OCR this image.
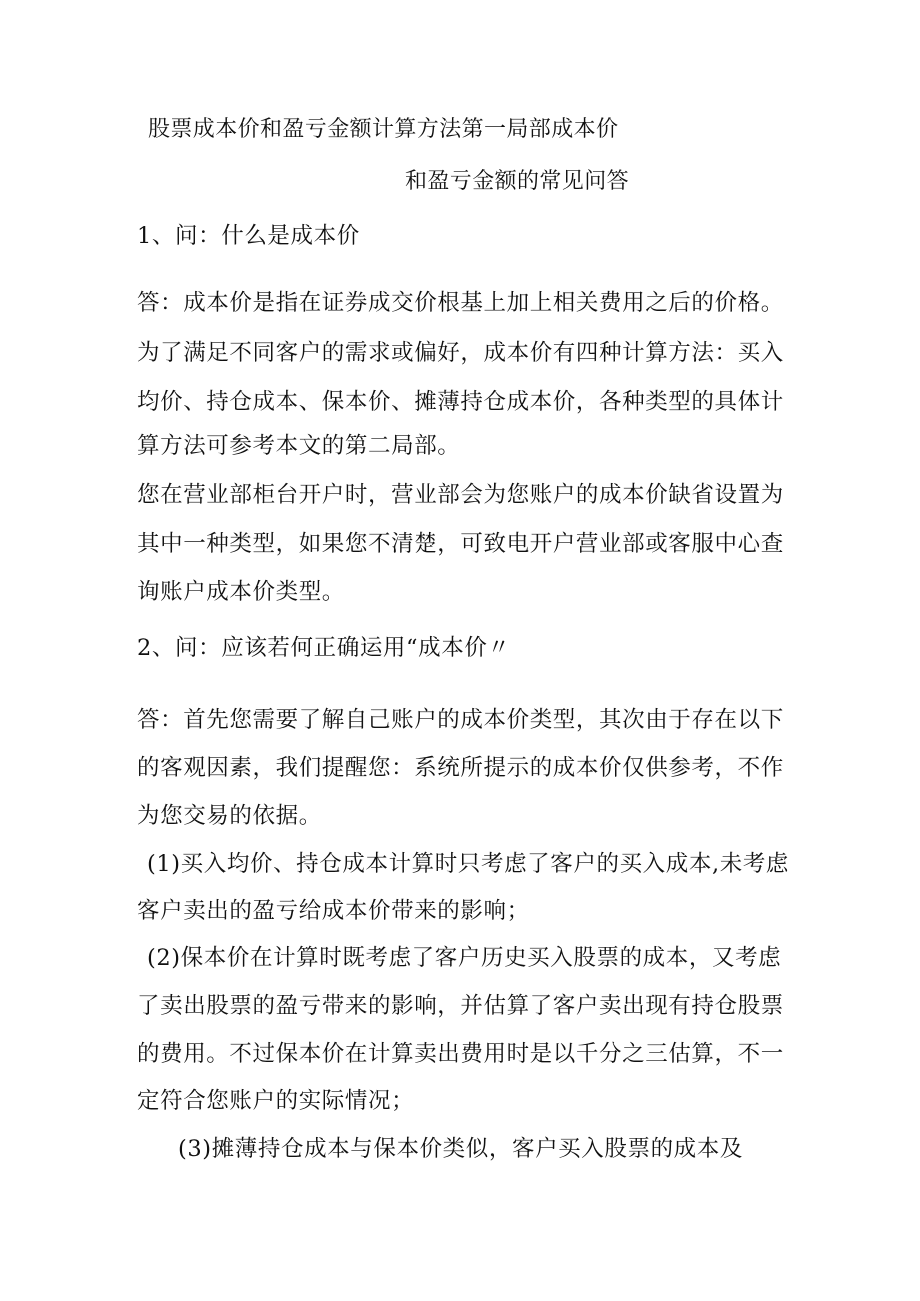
股票成本价和盈亏金额计算方法第一局部成本价
和盈亏金额的常见问答
1、问：什么是成本价
答：成本价是指在证券成交价根基上加上相关费用之后的价格。
为了满足不同客户的需求或偏好，成本价有四种计算方法：买入
均价、持仓成本、保本价、摊薄持仓成本价，各种类型的具体计
算方法可参考本文的第二局部。
您在营业部柜台开户时，营业部会为您账户的成本价缺省设置为
其中一种类型，如果您不清楚，可致电开户营业部或客服中心查
询账户成本价类型。
2、问：应该若何正确运用“成本价〃
答：首先您需要了解自己账户的成本价类型，其次由于存在以下
的客观因素，我们提醒您：系统所提示的成本价仅供参考，不作
为您交易的依据。
(1)买入均价、持仓成本计算时只考虑了客户的买入成本,未考虑
客户卖出的盈亏给成本价带来的影响；
(2)保本价在计算时既考虑了客户历史买入股票的成本，又考虑
了卖出股票的盈亏带来的影响，并估算了客户卖出现有持仓股票
的费用。不过保本价在计算卖出费用时是以千分之三估算，不一
定符合您账户的实际情况；
(3)摊薄持仓成本与保本价类似，客户买入股票的成本及
